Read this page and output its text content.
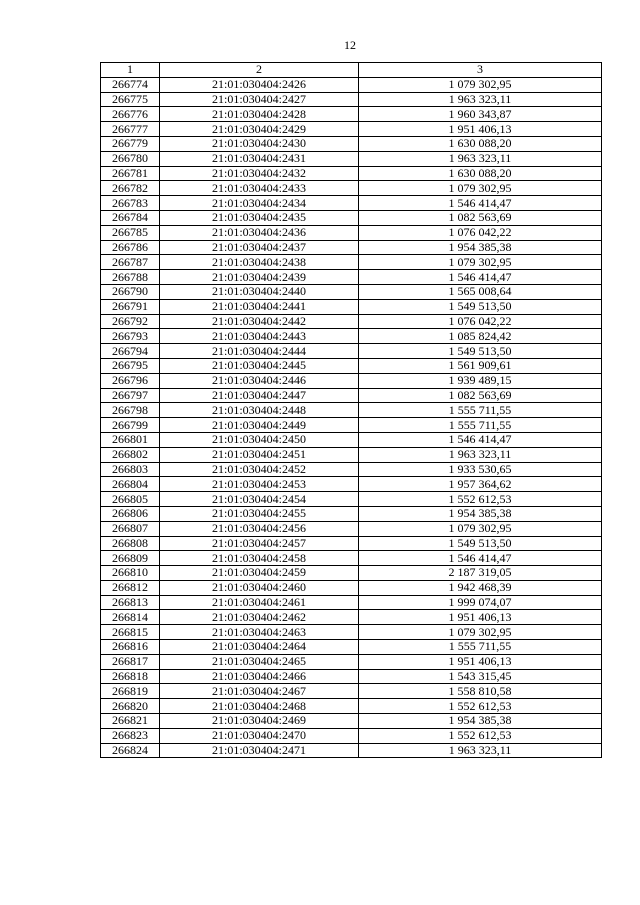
12
1	2	3
266774	21:01:030404:2426	1 079 302,95
266775	21:01:030404:2427	1 963 323,11
266776	21:01:030404:2428	1 960 343,87
266777	21:01:030404:2429	1 951 406,13
266779	21:01:030404:2430	1 630 088,20
266780	21:01:030404:2431	1 963 323,11
266781	21:01:030404:2432	1 630 088,20
266782	21:01:030404:2433	1 079 302,95
266783	21:01:030404:2434	1 546 414,47
266784	21:01:030404:2435	1 082 563,69
266785	21:01:030404:2436	1 076 042,22
266786	21:01:030404:2437	1 954 385,38
266787	21:01:030404:2438	1 079 302,95
266788	21:01:030404:2439	1 546 414,47
266790	21:01:030404:2440	1 565 008,64
266791	21:01:030404:2441	1 549 513,50
266792	21:01:030404:2442	1 076 042,22
266793	21:01:030404:2443	1 085 824,42
266794	21:01:030404:2444	1 549 513,50
266795	21:01:030404:2445	1 561 909,61
266796	21:01:030404:2446	1 939 489,15
266797	21:01:030404:2447	1 082 563,69
266798	21:01:030404:2448	1 555 711,55
266799	21:01:030404:2449	1 555 711,55
266801	21:01:030404:2450	1 546 414,47
266802	21:01:030404:2451	1 963 323,11
266803	21:01:030404:2452	1 933 530,65
266804	21:01:030404:2453	1 957 364,62
266805	21:01:030404:2454	1 552 612,53
266806	21:01:030404:2455	1 954 385,38
266807	21:01:030404:2456	1 079 302,95
266808	21:01:030404:2457	1 549 513,50
266809	21:01:030404:2458	1 546 414,47
266810	21:01:030404:2459	2 187 319,05
266812	21:01:030404:2460	1 942 468,39
266813	21:01:030404:2461	1 999 074,07
266814	21:01:030404:2462	1 951 406,13
266815	21:01:030404:2463	1 079 302,95
266816	21:01:030404:2464	1 555 711,55
266817	21:01:030404:2465	1 951 406,13
266818	21:01:030404:2466	1 543 315,45
266819	21:01:030404:2467	1 558 810,58
266820	21:01:030404:2468	1 552 612,53
266821	21:01:030404:2469	1 954 385,38
266823	21:01:030404:2470	1 552 612,53
266824	21:01:030404:2471	1 963 323,11
